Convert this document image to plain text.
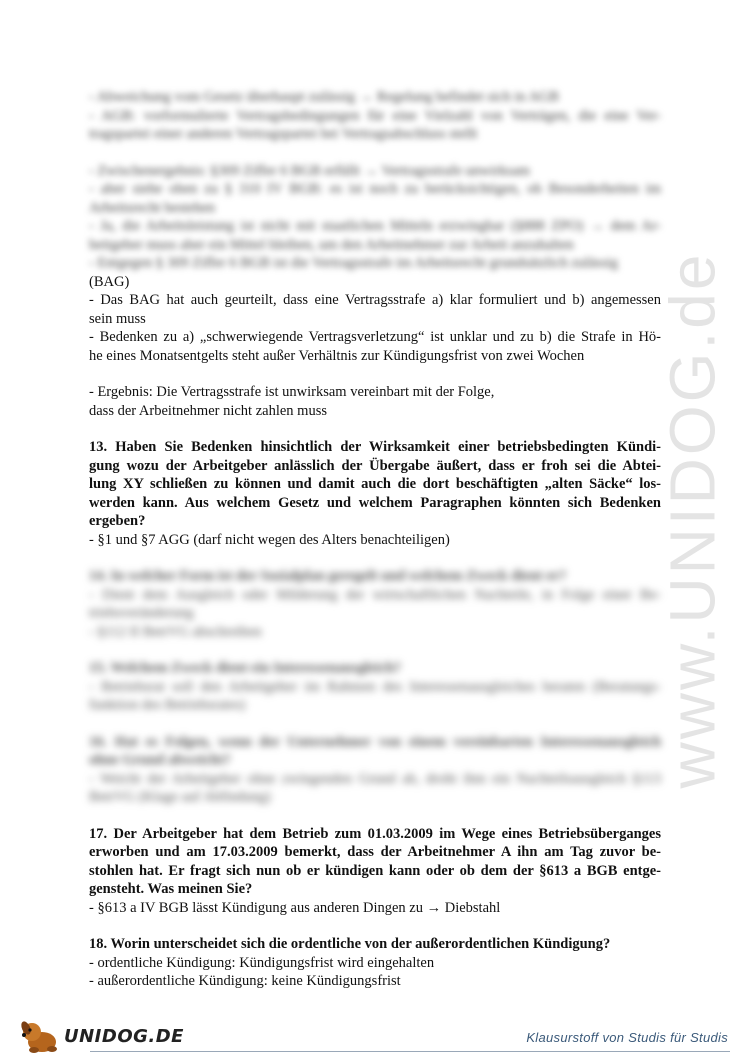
www.UNIDOG.de
- Abweichung vom Gesetz überhaupt zulässig → Regelung befindet sich in AGB
- AGB: vorformulierte Vertragsbedingungen für eine Vielzahl von Verträgen, die eine Ver-
tragspartei einer anderen Vertragspartei bei Vertragsabschluss stellt
- Zwischenergebnis: §309 Ziffer 6 BGB erfüllt → Vertragsstrafe unwirksam
- aber siehe oben zu § 310 IV BGB: es ist noch zu berücksichtigen, ob Besonderheiten im
Arbeitsrecht bestehen
- Ja, die Arbeitsleistung ist nicht mit staatlichen Mitteln erzwingbar (§888 ZPO) → dem Ar-
beitgeber muss aber ein Mittel bleiben, um den Arbeitnehmer zur Arbeit anzuhalten
- Entgegen § 309 Ziffer 6 BGB ist die Vertragsstrafe im Arbeitsrecht grundsätzlich zulässig
(BAG)
- Das BAG hat auch geurteilt, dass eine Vertragsstrafe a) klar formuliert und b) angemessen
sein muss
- Bedenken zu a) „schwerwiegende Vertragsverletzung“ ist unklar und zu b) die Strafe in Hö-
he eines Monatsentgelts steht außer Verhältnis zur Kündigungsfrist von zwei Wochen
- Ergebnis: Die Vertragsstrafe ist unwirksam vereinbart mit der Folge,
dass der Arbeitnehmer nicht zahlen muss
13. Haben Sie Bedenken hinsichtlich der Wirksamkeit einer betriebsbedingten Kündi-
gung wozu der Arbeitgeber anlässlich der Übergabe äußert, dass er froh sei die Abtei-
lung XY schließen zu können und damit auch die dort beschäftigten „alten Säcke“ los-
werden kann. Aus welchem Gesetz und welchem Paragraphen könnten sich Bedenken
ergeben?
- §1 und §7 AGG (darf nicht wegen des Alters benachteiligen)
14. In welcher Form ist der Sozialplan geregelt und welchem Zweck dient er?
- Dient dem Ausgleich oder Milderung der wirtschaftlichen Nachteile, in Folge einer Be-
triebsveränderung
- §112 II BetrVG abschreiben
15. Welchem Zweck dient ein Interessenausgleich?
- Betriebsrat soll den Arbeitgeber im Rahmen des Interessenausgleiches beraten (Beratungs-
funktion des Betriebsrates)
16. Hat es Folgen, wenn der Unternehmer von einem vereinbarten Interessenausgleich
ohne Grund abweicht?
- Weicht der Arbeitgeber ohne zwingenden Grund ab, droht ihm ein Nachteilsausgleich §113
BetrVG (Klage auf Abfindung)
17. Der Arbeitgeber hat dem Betrieb zum 01.03.2009 im Wege eines Betriebsüberganges
erworben und am 17.03.2009 bemerkt, dass der Arbeitnehmer A ihn am Tag zuvor be-
stohlen hat. Er fragt sich nun ob er kündigen kann oder ob dem der §613 a BGB entge-
gensteht. Was meinen Sie?
- §613 a IV BGB lässt Kündigung aus anderen Dingen zu → Diebstahl
18. Worin unterscheidet sich die ordentliche von der außerordentlichen Kündigung?
- ordentliche Kündigung: Kündigungsfrist wird eingehalten
- außerordentliche Kündigung: keine Kündigungsfrist
UNIDOG.DE	Klausurstoff von Studis für Studis
